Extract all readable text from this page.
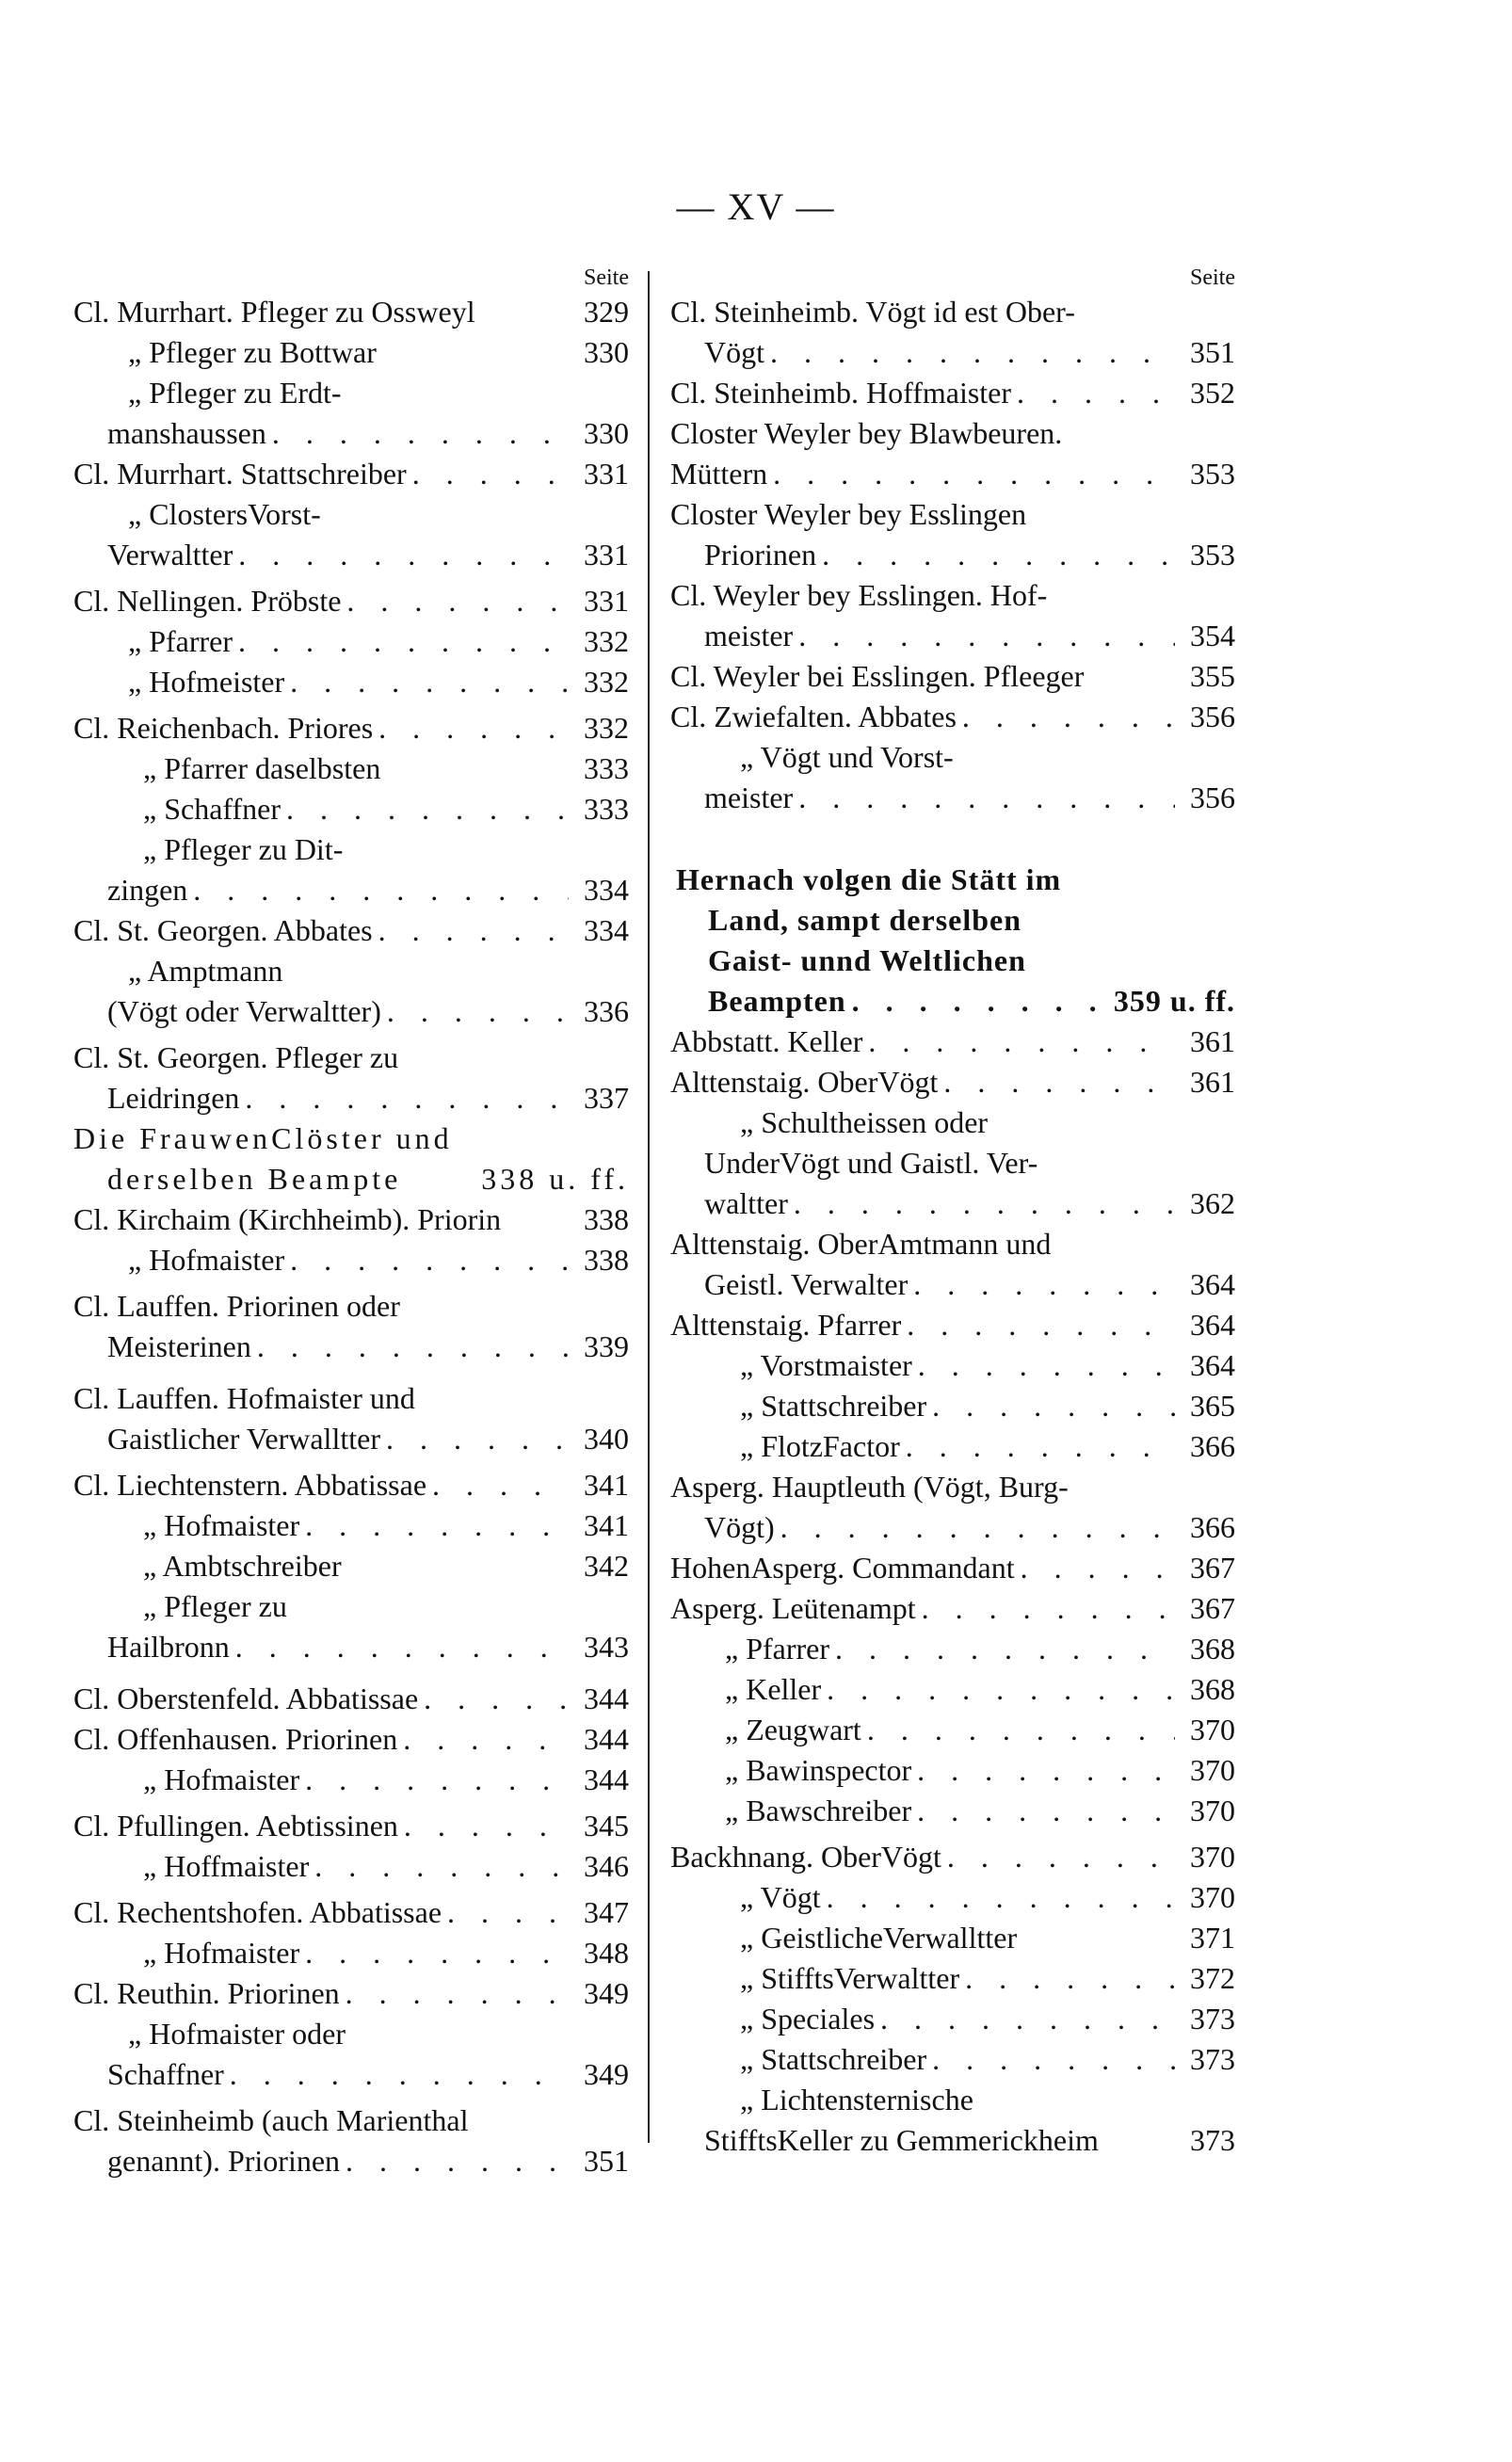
— XV —
Seite
Cl. Murrhart. Pfleger zu Ossweyl	329
„ Pfleger zu Bottwar	330
„ Pfleger zu Erdt-
manshaussen . . .	330
Cl. Murrhart. Stattschreiber . . .	331
„ ClostersVorst-
Verwaltter . . .	331
Cl. Nellingen. Pröbste . . .	331
„ Pfarrer . . .	332
„ Hofmeister . . .	332
Cl. Reichenbach. Priores . . .	332
„ Pfarrer daselbsten	333
„ Schaffner . . .	333
„ Pfleger zu Dit-
zingen . . .	334
Cl. St. Georgen. Abbates . . .	334
„ Amptmann
(Vögt oder Verwaltter) . . .	336
Cl. St. Georgen. Pfleger zu
Leidringen . . .	337
Die FrauwenClöster und
derselben Beampte	338 u. ff.
Cl. Kirchaim (Kirchheimb). Priorin	338
„ Hofmaister . . .	338
Cl. Lauffen. Priorinen oder
Meisterinen . . .	339
Cl. Lauffen. Hofmaister und
Gaistlicher Verwalltter . . .	340
Cl. Liechtenstern. Abbatissae . . .	341
„ Hofmaister . . .	341
„ Ambtschreiber	342
„ Pfleger zu
Hailbronn . . .	343
Cl. Oberstenfeld. Abbatissae . . .	344
Cl. Offenhausen. Priorinen . . .	344
„ Hofmaister . . .	344
Cl. Pfullingen. Aebtissinen . . .	345
„ Hoffmaister . . .	346
Cl. Rechentshofen. Abbatissae . . .	347
„ Hofmaister . . .	348
Cl. Reuthin. Priorinen . . .	349
„ Hofmaister oder
Schaffner . . .	349
Cl. Steinheimb (auch Marienthal
genannt). Priorinen . . .	351
Seite
Cl. Steinheimb. Vögt id est Ober-
Vögt . . .	351
Cl. Steinheimb. Hoffmaister . . .	352
Closter Weyler bey Blawbeuren.
Müttern . . .	353
Closter Weyler bey Esslingen
Priorinen . . .	353
Cl. Weyler bey Esslingen. Hof-
meister . . .	354
Cl. Weyler bei Esslingen. Pfleeger	355
Cl. Zwiefalten. Abbates . . .	356
„ Vögt und Vorst-
meister . . .	356
Hernach volgen die Stätt im
Land, sampt derselben
Gaist- unnd Weltlichen
Beampten . . .	359 u. ff.
Abbstatt. Keller . . .	361
Alttenstaig. OberVögt . . .	361
„ Schultheissen oder
UnderVögt und Gaistl. Ver-
waltter . . .	362
Alttenstaig. OberAmtmann und
Geistl. Verwalter . . .	364
Alttenstaig. Pfarrer . . .	364
„ Vorstmaister . . .	364
„ Stattschreiber . . .	365
„ FlotzFactor . . .	366
Asperg. Hauptleuth (Vögt, Burg-
Vögt) . . .	366
HohenAsperg. Commandant . . .	367
Asperg. Leütenampt . . .	367
„ Pfarrer . . .	368
„ Keller . . .	368
„ Zeugwart . . .	370
„ Bawinspector . . .	370
„ Bawschreiber . . .	370
Backhnang. OberVögt . . .	370
„ Vögt . . .	370
„ GeistlicheVerwalltter	371
„ StifftsVerwaltter . . .	372
„ Speciales . . .	373
„ Stattschreiber . . .	373
„ Lichtensternische
StifftsKeller zu Gemmerickheim	373
